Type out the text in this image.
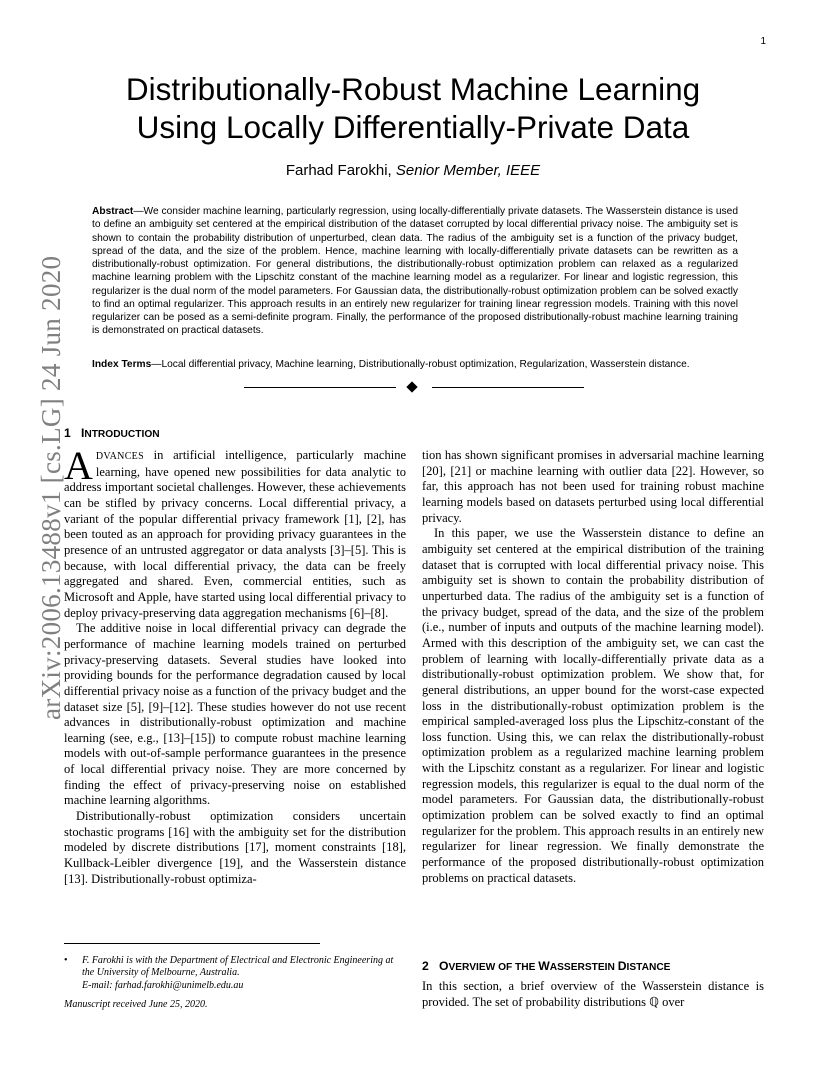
1
arXiv:2006.13488v1 [cs.LG] 24 Jun 2020
Distributionally-Robust Machine Learning
Using Locally Differentially-Private Data
Farhad Farokhi, Senior Member, IEEE

Abstract—We consider machine learning, particularly regression, using locally-differentially private datasets. The Wasserstein distance is used to define an ambiguity set centered at the empirical distribution of the dataset corrupted by local differential privacy noise. The ambiguity set is shown to contain the probability distribution of unperturbed, clean data. The radius of the ambiguity set is a function of the privacy budget, spread of the data, and the size of the problem. Hence, machine learning with locally-differentially private datasets can be rewritten as a distributionally-robust optimization. For general distributions, the distributionally-robust optimization problem can relaxed as a regularized machine learning problem with the Lipschitz constant of the machine learning model as a regularizer. For linear and logistic regression, this regularizer is the dual norm of the model parameters. For Gaussian data, the distributionally-robust optimization problem can be solved exactly to find an optimal regularizer. This approach results in an entirely new regularizer for training linear regression models. Training with this novel regularizer can be posed as a semi-definite program. Finally, the performance of the proposed distributionally-robust machine learning training is demonstrated on practical datasets.

Index Terms—Local differential privacy, Machine learning, Distributionally-robust optimization, Regularization, Wasserstein distance.

1 INTRODUCTION

ADVANCES in artificial intelligence, particularly machine learning, have opened new possibilities for data analytic to address important societal challenges. However, these achievements can be stifled by privacy concerns. Local differential privacy, a variant of the popular differential privacy framework [1], [2], has been touted as an approach for providing privacy guarantees in the presence of an untrusted aggregator or data analysts [3]–[5]. This is because, with local differential privacy, the data can be freely aggregated and shared. Even, commercial entities, such as Microsoft and Apple, have started using local differential privacy to deploy privacy-preserving data aggregation mechanisms [6]–[8].

The additive noise in local differential privacy can degrade the performance of machine learning models trained on perturbed privacy-preserving datasets. Several studies have looked into providing bounds for the performance degradation caused by local differential privacy noise as a function of the privacy budget and the dataset size [5], [9]–[12]. These studies however do not use recent advances in distributionally-robust optimization and machine learning (see, e.g., [13]–[15]) to compute robust machine learning models with out-of-sample performance guarantees in the presence of local differential privacy noise. They are more concerned by finding the effect of privacy-preserving noise on established machine learning algorithms.

Distributionally-robust optimization considers uncertain stochastic programs [16] with the ambiguity set for the distribution modeled by discrete distributions [17], moment constraints [18], Kullback-Leibler divergence [19], and the Wasserstein distance [13]. Distributionally-robust optimiza-

tion has shown significant promises in adversarial machine learning [20], [21] or machine learning with outlier data [22]. However, so far, this approach has not been used for training robust machine learning models based on datasets perturbed using local differential privacy.

In this paper, we use the Wasserstein distance to define an ambiguity set centered at the empirical distribution of the training dataset that is corrupted with local differential privacy noise. This ambiguity set is shown to contain the probability distribution of unperturbed data. The radius of the ambiguity set is a function of the privacy budget, spread of the data, and the size of the problem (i.e., number of inputs and outputs of the machine learning model). Armed with this description of the ambiguity set, we can cast the problem of learning with locally-differentially private data as a distributionally-robust optimization problem. We show that, for general distributions, an upper bound for the worst-case expected loss in the distributionally-robust optimization problem is the empirical sampled-averaged loss plus the Lipschitz-constant of the loss function. Using this, we can relax the distributionally-robust optimization problem as a regularized machine learning problem with the Lipschitz constant as a regularizer. For linear and logistic regression models, this regularizer is equal to the dual norm of the model parameters. For Gaussian data, the distributionally-robust optimization problem can be solved exactly to find an optimal regularizer for the problem. This approach results in an entirely new regularizer for linear regression. We finally demonstrate the performance of the proposed distributionally-robust optimization problems on practical datasets.

2 OVERVIEW OF THE WASSERSTEIN DISTANCE

In this section, a brief overview of the Wasserstein distance is provided. The set of probability distributions ℚ over

• F. Farokhi is with the Department of Electrical and Electronic Engineering at the University of Melbourne, Australia.
E-mail: farhad.farokhi@unimelb.edu.au
Manuscript received June 25, 2020.
